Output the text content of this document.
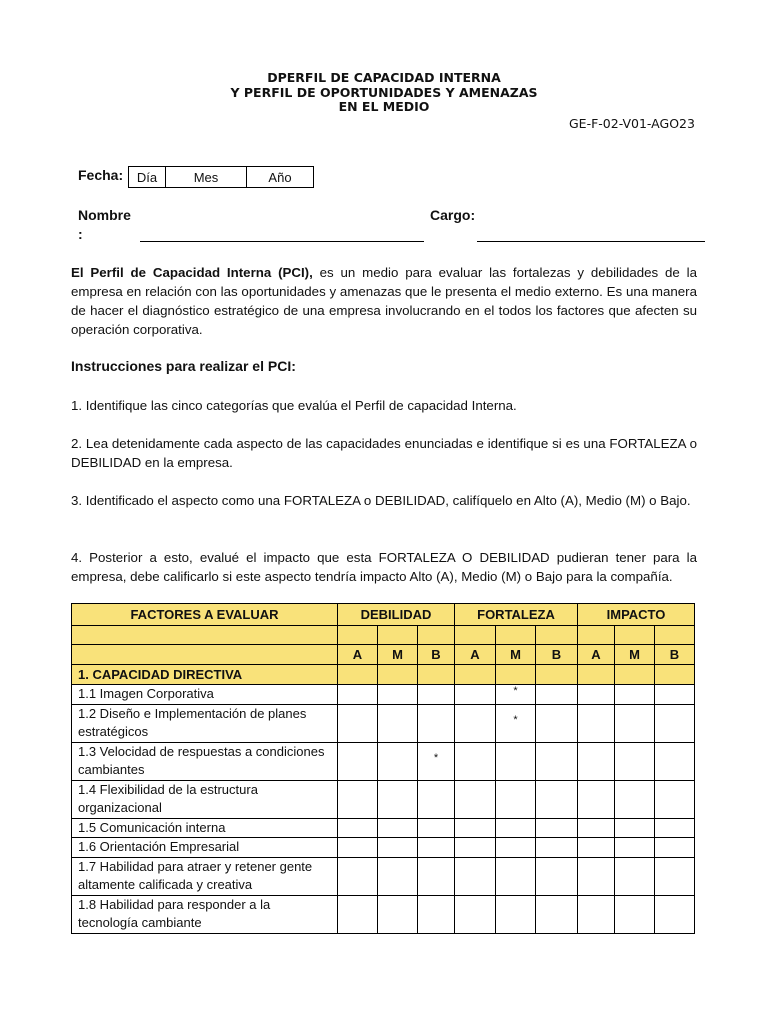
DPERFIL DE CAPACIDAD INTERNA
Y PERFIL DE OPORTUNIDADES Y AMENAZAS
EN EL MEDIO
GE-F-02-V01-AGO23
Fecha:	Día	Mes	Año
Nombre
:
Cargo:
El Perfil de Capacidad Interna (PCI), es un medio para evaluar las fortalezas y debilidades de la empresa en relación con las oportunidades y amenazas que le presenta el medio externo. Es una manera de hacer el diagnóstico estratégico de una empresa involucrando en el todos los factores que afecten su operación corporativa.
Instrucciones para realizar el PCI:
1. Identifique las cinco categorías que evalúa el Perfil de capacidad Interna.
2. Lea detenidamente cada aspecto de las capacidades enunciadas e identifique si es una FORTALEZA o DEBILIDAD en la empresa.
3. Identificado el aspecto como una FORTALEZA o DEBILIDAD, califíquelo en Alto (A), Medio (M) o Bajo.
4. Posterior a esto, evalué el impacto que esta FORTALEZA O DEBILIDAD pudieran tener para la empresa, debe calificarlo si este aspecto tendría impacto Alto (A), Medio (M) o Bajo para la compañía.
FACTORES A EVALUAR	DEBILIDAD			FORTALEZA			IMPACTO		

	A	M	B	A	M	B	A	M	B
1. CAPACIDAD DIRECTIVA									
1.1 Imagen Corporativa					*				
1.2 Diseño e Implementación de planes estratégicos					*				
1.3 Velocidad de respuestas a condiciones cambiantes			*						
1.4 Flexibilidad de la estructura organizacional									
1.5 Comunicación interna									
1.6 Orientación Empresarial									
1.7 Habilidad para atraer y retener gente altamente calificada y creativa									
1.8 Habilidad para responder a la tecnología cambiante									
